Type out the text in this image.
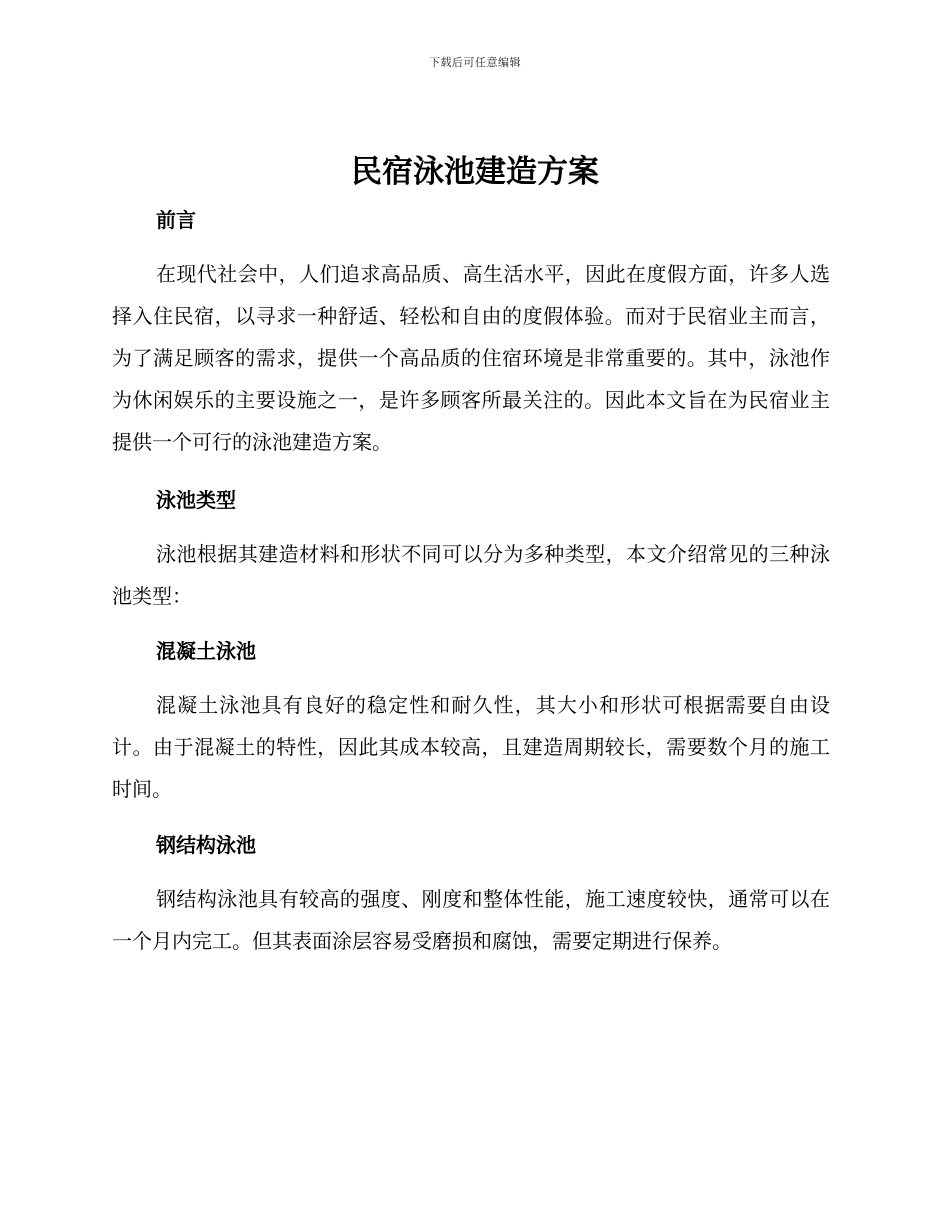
下载后可任意编辑
民宿泳池建造方案
前言

在现代社会中，人们追求高品质、高生活水平，因此在度假方面，许多人选择入住民宿，以寻求一种舒适、轻松和自由的度假体验。而对于民宿业主而言，为了满足顾客的需求，提供一个高品质的住宿环境是非常重要的。其中，泳池作为休闲娱乐的主要设施之一，是许多顾客所最关注的。因此本文旨在为民宿业主提供一个可行的泳池建造方案。

泳池类型

泳池根据其建造材料和形状不同可以分为多种类型，本文介绍常见的三种泳池类型：

混凝土泳池

混凝土泳池具有良好的稳定性和耐久性，其大小和形状可根据需要自由设计。由于混凝土的特性，因此其成本较高，且建造周期较长，需要数个月的施工时间。

钢结构泳池

钢结构泳池具有较高的强度、刚度和整体性能，施工速度较快，通常可以在一个月内完工。但其表面涂层容易受磨损和腐蚀，需要定期进行保养。
